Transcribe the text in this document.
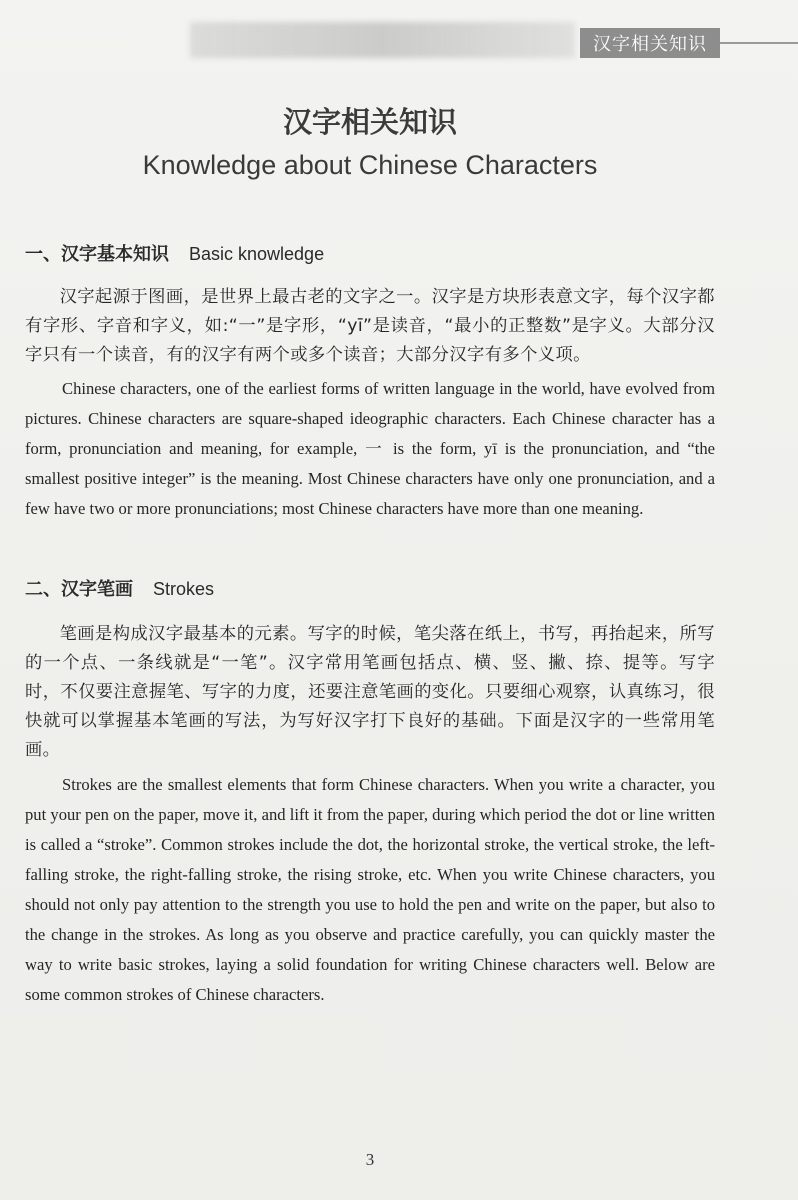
汉字相关知识
汉字相关知识
Knowledge about Chinese Characters
一、汉字基本知识 Basic knowledge
汉字起源于图画，是世界上最古老的文字之一。汉字是方块形表意文字，每个汉字都有字形、字音和字义，如:“一”是字形，“yī”是读音，“最小的正整数”是字义。大部分汉字只有一个读音，有的汉字有两个或多个读音；大部分汉字有多个义项。
Chinese characters, one of the earliest forms of written language in the world, have evolved from pictures. Chinese characters are square-shaped ideographic characters. Each Chinese character has a form, pronunciation and meaning, for example, 一 is the form, yī is the pronunciation, and “the smallest positive integer” is the meaning. Most Chinese characters have only one pronunciation, and a few have two or more pronunciations; most Chinese characters have more than one meaning.
二、汉字笔画 Strokes
笔画是构成汉字最基本的元素。写字的时候，笔尖落在纸上，书写，再抬起来，所写的一个点、一条线就是“一笔”。汉字常用笔画包括点、横、竖、撇、捺、提等。写字时，不仅要注意握笔、写字的力度，还要注意笔画的变化。只要细心观察，认真练习，很快就可以掌握基本笔画的写法，为写好汉字打下良好的基础。下面是汉字的一些常用笔画。
Strokes are the smallest elements that form Chinese characters. When you write a character, you put your pen on the paper, move it, and lift it from the paper, during which period the dot or line written is called a “stroke”. Common strokes include the dot, the horizontal stroke, the vertical stroke, the left-falling stroke, the right-falling stroke, the rising stroke, etc. When you write Chinese characters, you should not only pay attention to the strength you use to hold the pen and write on the paper, but also to the change in the strokes. As long as you observe and practice carefully, you can quickly master the way to write basic strokes, laying a solid foundation for writing Chinese characters well. Below are some common strokes of Chinese characters.
3
